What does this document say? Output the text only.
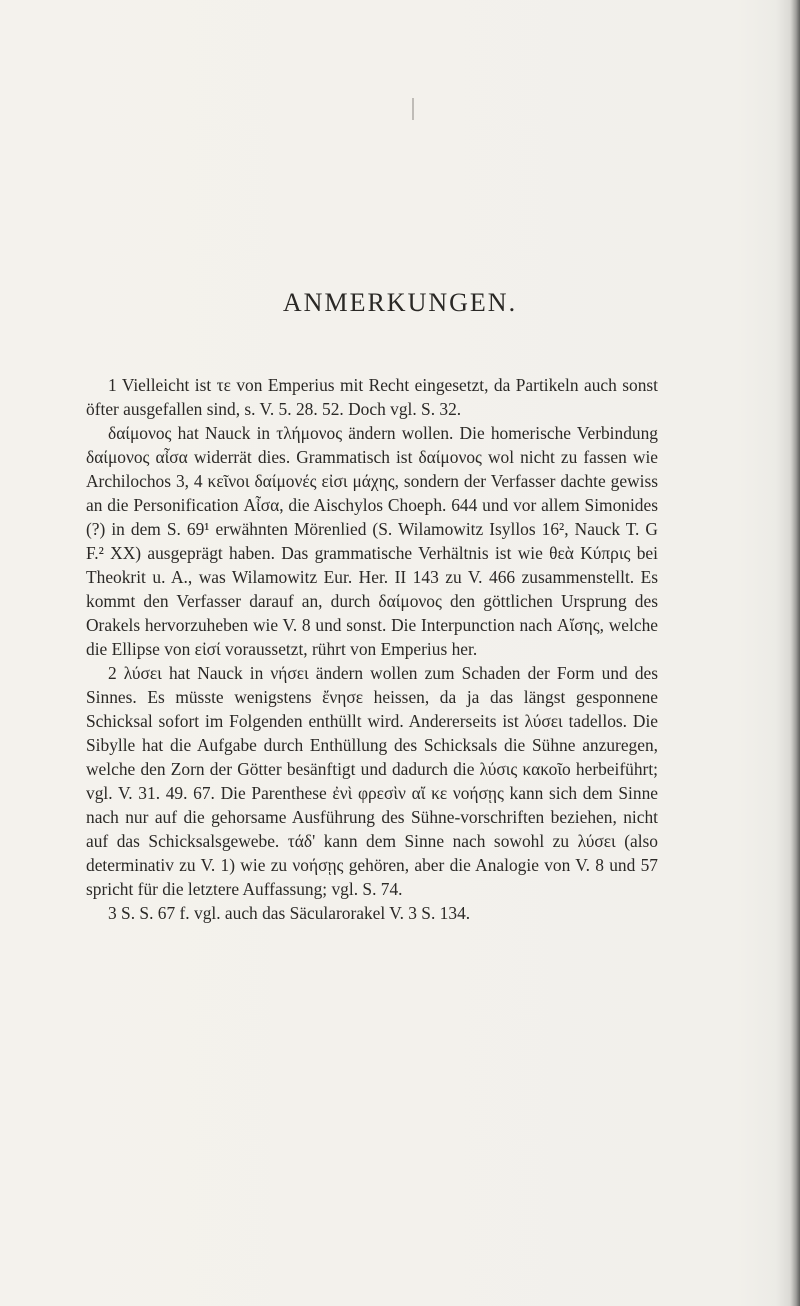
ANMERKUNGEN.

1 Vielleicht ist τε von Emperius mit Recht eingesetzt, da Partikeln auch sonst öfter ausgefallen sind, s. V. 5. 28. 52. Doch vgl. S. 32.

δαίμονος hat Nauck in τλήμονος ändern wollen. Die homerische Verbindung δαίμονος αἶσα widerrät dies. Grammatisch ist δαίμονος wol nicht zu fassen wie Archilochos 3, 4 κεῖνοι δαίμονές εἰσι μάχης, sondern der Verfasser dachte gewiss an die Personification Αἶσα, die Aischylos Choeph. 644 und vor allem Simonides (?) in dem S. 69¹ erwähnten Mörenlied (S. Wilamowitz Isyllos 16², Nauck T. G F.² XX) ausgeprägt haben. Das grammatische Verhältnis ist wie θεὰ Κύπρις bei Theokrit u. A., was Wilamowitz Eur. Her. II 143 zu V. 466 zusammenstellt. Es kommt den Verfasser darauf an, durch δαίμονος den göttlichen Ursprung des Orakels hervorzuheben wie V. 8 und sonst. Die Interpunction nach Αἴσης, welche die Ellipse von εἰσί voraussetzt, rührt von Emperius her.

2 λύσει hat Nauck in νήσει ändern wollen zum Schaden der Form und des Sinnes. Es müsste wenigstens ἔνησε heissen, da ja das längst gesponnene Schicksal sofort im Folgenden enthüllt wird. Andererseits ist λύσει tadellos. Die Sibylle hat die Aufgabe durch Enthüllung des Schicksals die Sühne anzuregen, welche den Zorn der Götter besänftigt und dadurch die λύσις κακοῖο herbeiführt; vgl. V. 31. 49. 67. Die Parenthese ἐνὶ φρεσὶν αἴ κε νοήσῃς kann sich dem Sinne nach nur auf die gehorsame Ausführung des Sühne-vorschriften beziehen, nicht auf das Schicksalsgewebe. τάδ' kann dem Sinne nach sowohl zu λύσει (also determinativ zu V. 1) wie zu νοήσῃς gehören, aber die Analogie von V. 8 und 57 spricht für die letztere Auffassung; vgl. S. 74.

3 S. S. 67 f. vgl. auch das Säcularorakel V. 3 S. 134.
